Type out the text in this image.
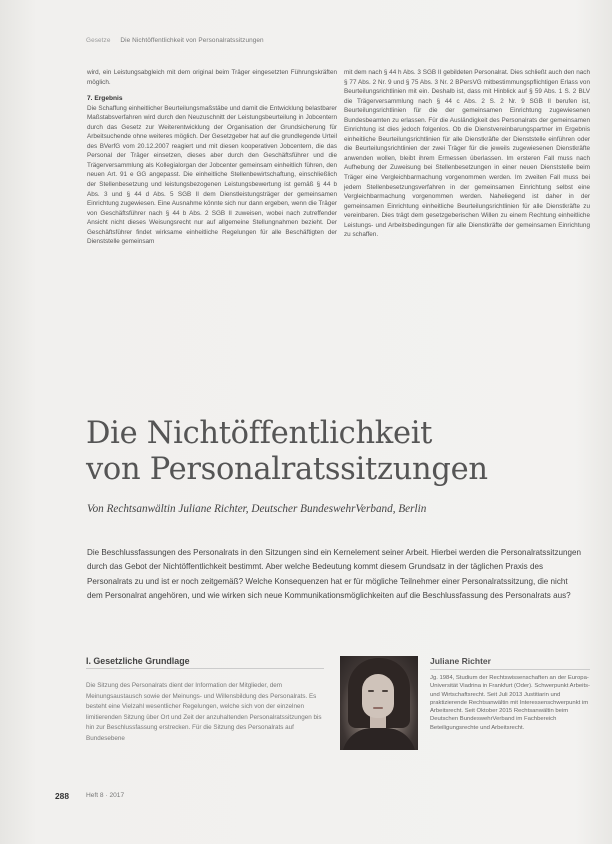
Gesetze Die Nichtöffentlichkeit von Personalratssitzungen

wird, ein Leistungsabgleich mit dem original beim Träger eingesetzten Führungskräften möglich.

7. Ergebnis

Die Schaffung einheitlicher Beurteilungsmaßstäbe und damit die Entwicklung belastbarer Maßstabsverfahren wird durch den Neuzuschnitt der Leistungsbeurteilung in Jobcentern durch das Gesetz zur Weiterentwicklung der Organisation der Grundsicherung für Arbeitsuchende ohne weiteres möglich. Der Gesetzgeber hat auf die grundlegende Urteil des BVerfG vom 20.12.2007 reagiert und mit diesen kooperativen Jobcentern, die das Personal der Träger einsetzen, dieses aber durch den Geschäftsführer und die Trägerversammlung als Kollegialorgan der Jobcenter gemeinsam einheitlich führen, den neuen Art. 91 e GG angepasst. Die einheitliche Stellenbewirtschaftung, einschließlich der Stellenbesetzung und leistungsbezogenen Leistungsbewertung ist gemäß § 44 b Abs. 3 und § 44 d Abs. 5 SGB II dem Dienstleistungsträger der gemeinsamen Einrichtung zugewiesen. Eine Ausnahme könnte sich nur dann ergeben, wenn die Träger von Geschäftsführer nach § 44 b Abs. 2 SGB II zuweisen, wobei nach zutreffender Ansicht nicht dieses Weisungsrecht nur auf allgemeine Stellungnahmen bezieht. Der Geschäftsführer findet wirksame einheitliche Regelungen für alle Beschäftigten der Dienststelle gemeinsam

mit dem nach § 44 h Abs. 3 SGB II gebildeten Personalrat. Dies schließt auch den nach § 77 Abs. 2 Nr. 9 und § 75 Abs. 3 Nr. 2 BPersVG mitbestimmungspflichtigen Erlass von Beurteilungsrichtlinien mit ein. Deshalb ist, dass mit Hinblick auf § 59 Abs. 1 S. 2 BLV die Trägerversammlung nach § 44 c Abs. 2 S. 2 Nr. 9 SGB II berufen ist, Beurteilungsrichtlinien für die der gemeinsamen Einrichtung zugewiesenen Bundesbeamten zu erlassen. Für die Ausländigkeit des Personalrats der gemeinsamen Einrichtung ist dies jedoch folgenlos. Ob die Dienstvereinbarungspartner im Ergebnis einheitliche Beurteilungsrichtlinien für alle Dienstkräfte der Dienststelle einführen oder die Beurteilungsrichtlinien der zwei Träger für die jeweils zugewiesenen Dienstkräfte anwenden wollen, bleibt ihrem Ermessen überlassen. Im ersteren Fall muss nach Aufhebung der Zuweisung bei Stellenbesetzungen in einer neuen Dienststelle beim Träger eine Vergleichbarmachung vorgenommen werden. Im zweiten Fall muss bei jedem Stellenbesetzungsverfahren in der gemeinsamen Einrichtung selbst eine Vergleichbarmachung vorgenommen werden. Naheliegend ist daher in der gemeinsamen Einrichtung einheitliche Beurteilungsrichtlinien für alle Dienstkräfte zu vereinbaren. Dies trägt dem gesetzgeberischen Willen zu einem Rechtung einheitliche Leistungs- und Arbeitsbedingungen für alle Dienstkräfte der gemeinsamen Einrichtung zu schaffen.

Die Nichtöffentlichkeit
von Personalratssitzungen
Von Rechtsanwältin Juliane Richter, Deutscher BundeswehrVerband, Berlin

Die Beschlussfassungen des Personalrats in den Sitzungen sind ein Kernelement seiner Arbeit. Hierbei werden die Personalratssitzungen durch das Gebot der Nichtöffentlichkeit bestimmt. Aber welche Bedeutung kommt diesem Grundsatz in der täglichen Praxis des Personalrats zu und ist er noch zeitgemäß? Welche Konsequenzen hat er für mögliche Teilnehmer einer Personalratssitzung, die nicht dem Personalrat angehören, und wie wirken sich neue Kommunikationsmöglichkeiten auf die Beschlussfassung des Personalrats aus?

I. Gesetzliche Grundlage

Die Sitzung des Personalrats dient der Information der Mitglieder, dem Meinungsaustausch sowie der Meinungs- und Willensbildung des Personalrats. Es besteht eine Vielzahl wesentlicher Regelungen, welche sich von der einzelnen limitierenden Sitzung über Ort und Zeit der anzuhaltenden Personalratssitzungen bis hin zur Beschlussfassung erstrecken. Für die Sitzung des Personalrats auf Bundesebene

Juliane Richter

Jg. 1984, Studium der Rechtswissenschaften an der Europa-Universität Viadrina in Frankfurt (Oder). Schwerpunkt Arbeits- und Wirtschaftsrecht. Seit Juli 2013 Justitiarin und praktizierende Rechtsanwältin mit Interessenschwerpunkt im Arbeitsrecht. Seit Oktober 2015 Rechtsanwältin beim Deutschen BundeswehrVerband im Fachbereich Beteiligungsrechte und Arbeitsrecht.

288	Heft 8 · 2017
